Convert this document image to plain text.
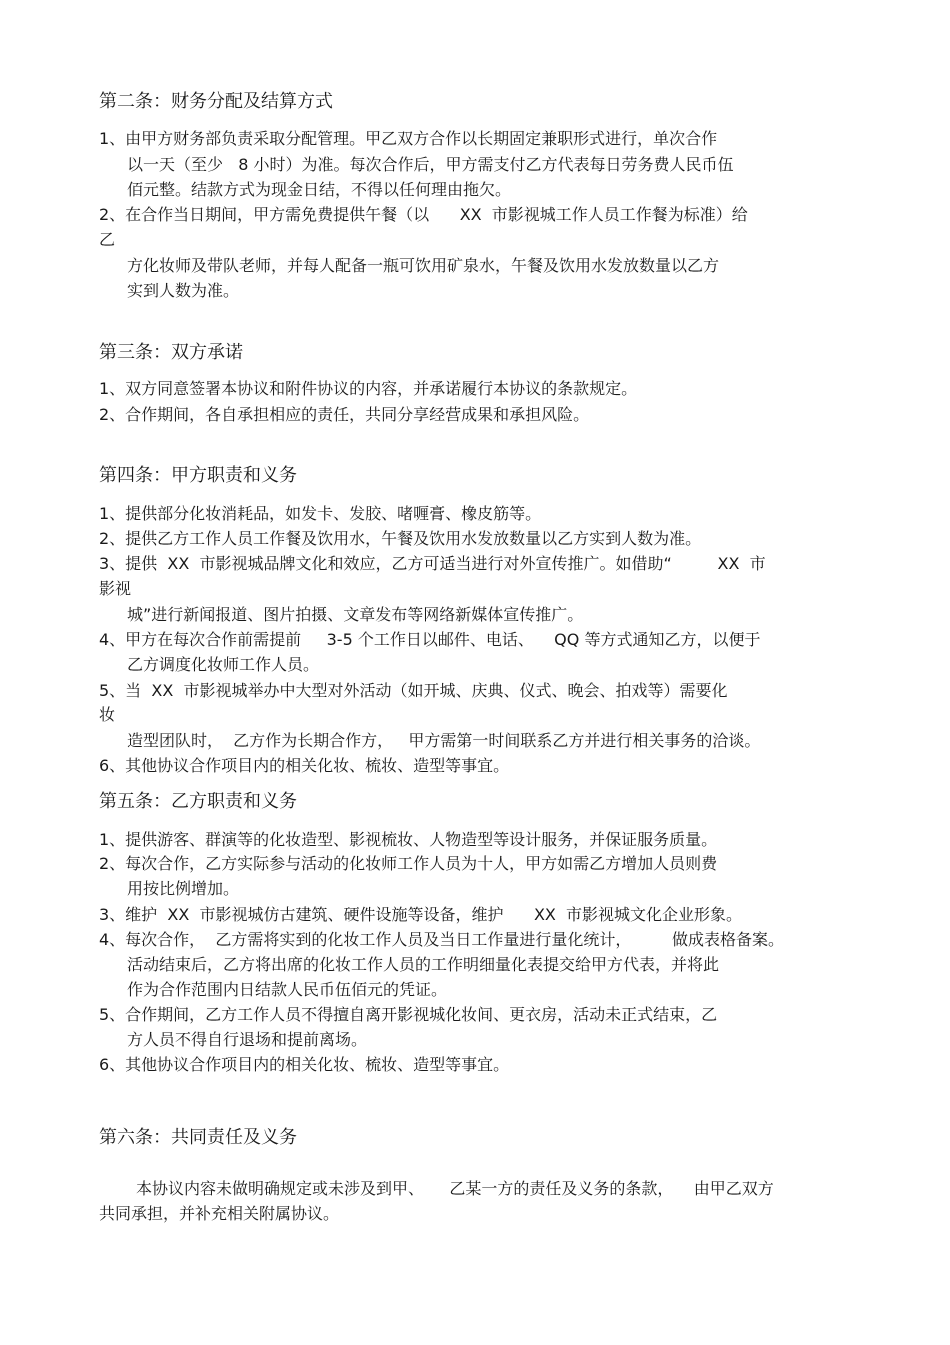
第二条：财务分配及结算方式
1、由甲方财务部负责采取分配管理。甲乙双方合作以长期固定兼职形式进行，单次合作
以一天（至少   8 小时）为准。每次合作后，甲方需支付乙方代表每日劳务费人民币伍
佰元整。结款方式为现金日结，不得以任何理由拖欠。
2、在合作当日期间，甲方需免费提供午餐（以      XX  市影视城工作人员工作餐为标准）给
乙
方化妆师及带队老师，并每人配备一瓶可饮用矿泉水，午餐及饮用水发放数量以乙方
实到人数为准。
第三条：双方承诺
1、双方同意签署本协议和附件协议的内容，并承诺履行本协议的条款规定。
2、合作期间，各自承担相应的责任，共同分享经营成果和承担风险。
第四条：甲方职责和义务
1、提供部分化妆消耗品，如发卡、发胶、啫喱膏、橡皮筋等。
2、提供乙方工作人员工作餐及饮用水，午餐及饮用水发放数量以乙方实到人数为准。
3、提供  XX  市影视城品牌文化和效应，乙方可适当进行对外宣传推广。如借助“         XX  市
影视
城”进行新闻报道、图片拍摄、文章发布等网络新媒体宣传推广。
4、甲方在每次合作前需提前     3-5 个工作日以邮件、电话、    QQ 等方式通知乙方，以便于
乙方调度化妆师工作人员。
5、当  XX  市影视城举办中大型对外活动（如开城、庆典、仪式、晚会、拍戏等）需要化
妆
造型团队时，  乙方作为长期合作方，   甲方需第一时间联系乙方并进行相关事务的洽谈。
6、其他协议合作项目内的相关化妆、梳妆、造型等事宜。
第五条：乙方职责和义务
1、提供游客、群演等的化妆造型、影视梳妆、人物造型等设计服务，并保证服务质量。
2、每次合作，乙方实际参与活动的化妆师工作人员为十人，甲方如需乙方增加人员则费
用按比例增加。
3、维护  XX  市影视城仿古建筑、硬件设施等设备，维护      XX  市影视城文化企业形象。
4、每次合作，  乙方需将实到的化妆工作人员及当日工作量进行量化统计，        做成表格备案。
活动结束后，乙方将出席的化妆工作人员的工作明细量化表提交给甲方代表，并将此
作为合作范围内日结款人民币伍佰元的凭证。
5、合作期间，乙方工作人员不得擅自离开影视城化妆间、更衣房，活动未正式结束，乙
方人员不得自行退场和提前离场。
6、其他协议合作项目内的相关化妆、梳妆、造型等事宜。
第六条：共同责任及义务
本协议内容未做明确规定或未涉及到甲、     乙某一方的责任及义务的条款，    由甲乙双方
共同承担，并补充相关附属协议。
